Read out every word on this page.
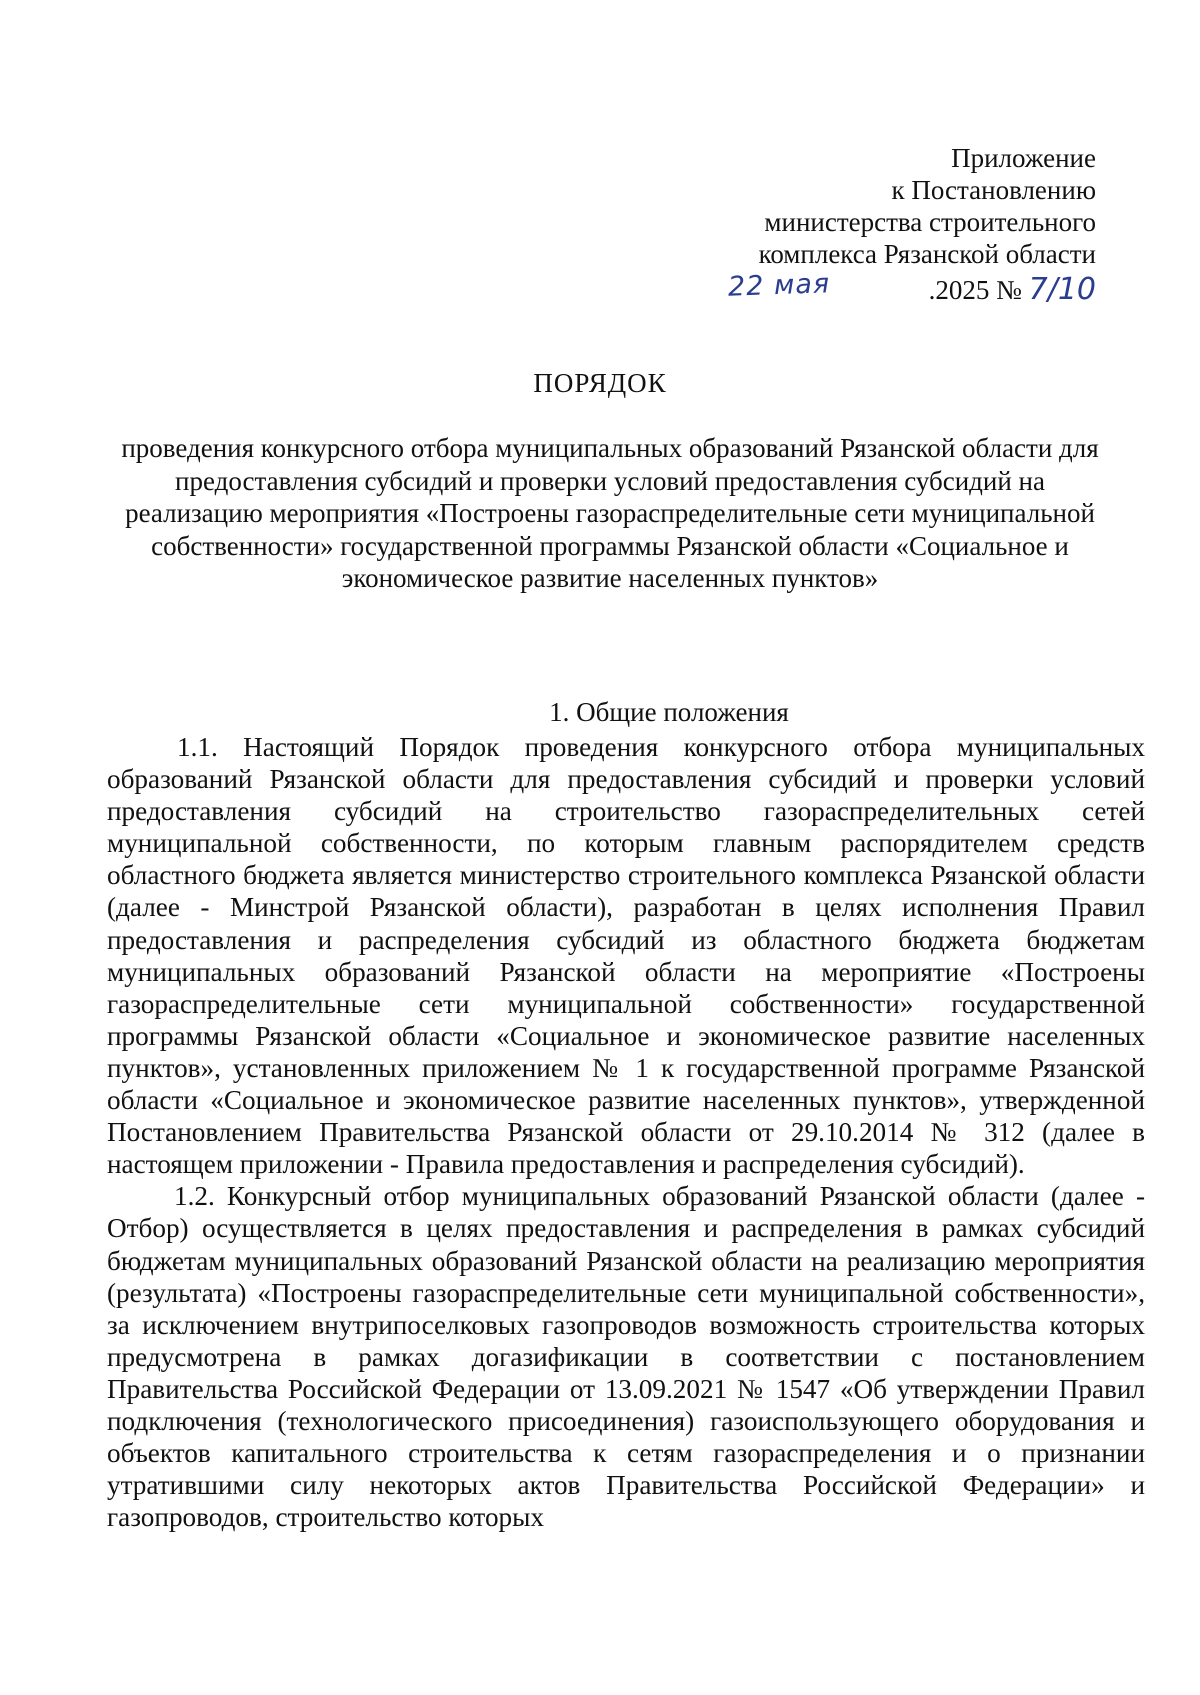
Приложение
к Постановлению
министерства строительного
комплекса Рязанской области
22 мая	.2025 № 7/10
ПОРЯДОК
проведения конкурсного отбора муниципальных образований Рязанской области для предоставления субсидий и проверки условий предоставления субсидий на реализацию мероприятия «Построены газораспределительные сети муниципальной собственности» государственной программы Рязанской области «Социальное и экономическое развитие населенных пунктов»
1. Общие положения

1.1. Настоящий Порядок проведения конкурсного отбора муниципальных образований Рязанской области для предоставления субсидий и проверки условий предоставления субсидий на строительство газораспределительных сетей муниципальной собственности, по которым главным распорядителем средств областного бюджета является министерство строительного комплекса Рязанской области (далее - Минстрой Рязанской области), разработан в целях исполнения Правил предоставления и распределения субсидий из областного бюджета бюджетам муниципальных образований Рязанской области на мероприятие «Построены газораспределительные сети муниципальной собственности» государственной программы Рязанской области «Социальное и экономическое развитие населенных пунктов», установленных приложением № 1 к государственной программе Рязанской области «Социальное и экономическое развитие населенных пунктов», утвержденной Постановлением Правительства Рязанской области от 29.10.2014 № 312 (далее в настоящем приложении - Правила предоставления и распределения субсидий).

1.2. Конкурсный отбор муниципальных образований Рязанской области (далее - Отбор) осуществляется в целях предоставления и распределения в рамках субсидий бюджетам муниципальных образований Рязанской области на реализацию мероприятия (результата) «Построены газораспределительные сети муниципальной собственности», за исключением внутрипоселковых газопроводов возможность строительства которых предусмотрена в рамках догазификации в соответствии с постановлением Правительства Российской Федерации от 13.09.2021 № 1547 «Об утверждении Правил подключения (технологического присоединения) газоиспользующего оборудования и объектов капитального строительства к сетям газораспределения и о признании утратившими силу некоторых актов Правительства Российской Федерации» и газопроводов, строительство которых
